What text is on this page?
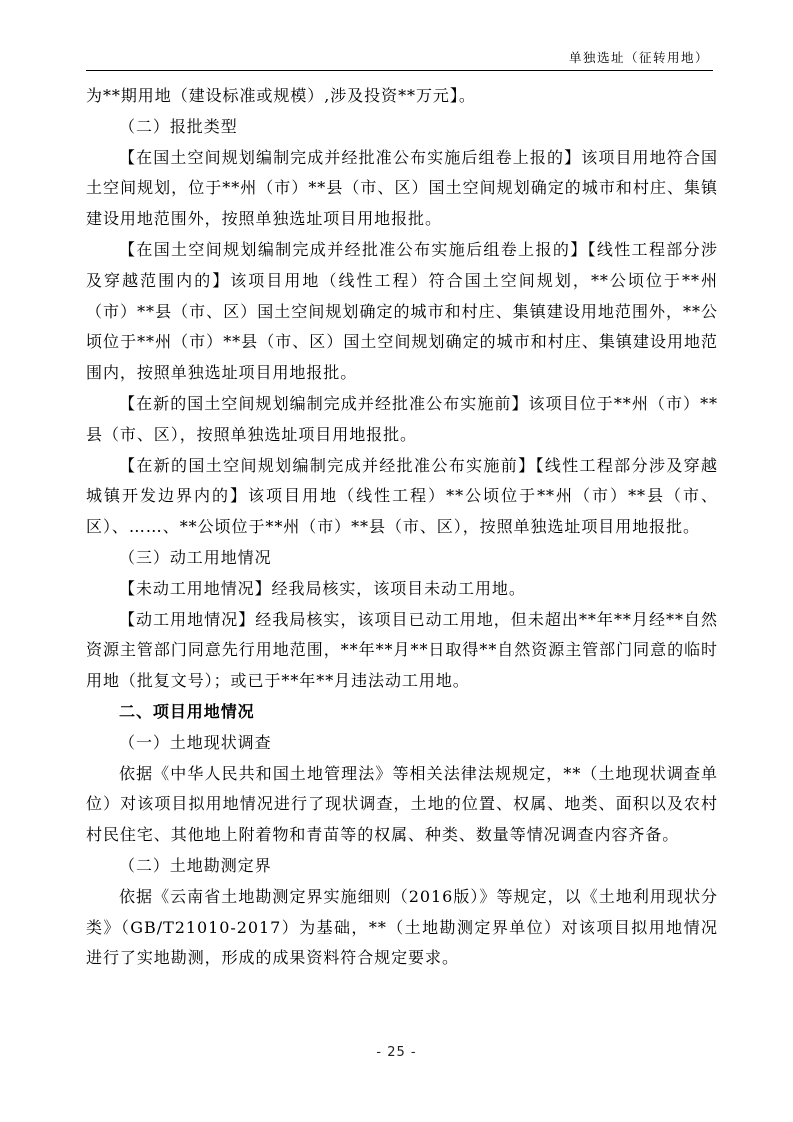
单独选址（征转用地）

为**期用地（建设标准或规模）,涉及投资**万元】。

（二）报批类型

【在国土空间规划编制完成并经批准公布实施后组卷上报的】该项目用地符合国土空间规划，位于**州（市）**县（市、区）国土空间规划确定的城市和村庄、集镇建设用地范围外，按照单独选址项目用地报批。

【在国土空间规划编制完成并经批准公布实施后组卷上报的】【线性工程部分涉及穿越范围内的】该项目用地（线性工程）符合国土空间规划，**公顷位于**州（市）**县（市、区）国土空间规划确定的城市和村庄、集镇建设用地范围外，**公顷位于**州（市）**县（市、区）国土空间规划确定的城市和村庄、集镇建设用地范围内，按照单独选址项目用地报批。

【在新的国土空间规划编制完成并经批准公布实施前】该项目位于**州（市）**县（市、区），按照单独选址项目用地报批。

【在新的国土空间规划编制完成并经批准公布实施前】【线性工程部分涉及穿越城镇开发边界内的】该项目用地（线性工程）**公顷位于**州（市）**县（市、区）、……、**公顷位于**州（市）**县（市、区），按照单独选址项目用地报批。

（三）动工用地情况

【未动工用地情况】经我局核实，该项目未动工用地。

【动工用地情况】经我局核实，该项目已动工用地，但未超出**年**月经**自然资源主管部门同意先行用地范围，**年**月**日取得**自然资源主管部门同意的临时用地（批复文号）；或已于**年**月违法动工用地。

二、项目用地情况

（一）土地现状调查

依据《中华人民共和国土地管理法》等相关法律法规规定，**（土地现状调查单位）对该项目拟用地情况进行了现状调查，土地的位置、权属、地类、面积以及农村村民住宅、其他地上附着物和青苗等的权属、种类、数量等情况调查内容齐备。

（二）土地勘测定界

依据《云南省土地勘测定界实施细则（2016版）》等规定，以《土地利用现状分类》（GB/T21010-2017）为基础，**（土地勘测定界单位）对该项目拟用地情况进行了实地勘测，形成的成果资料符合规定要求。

- 25 -
